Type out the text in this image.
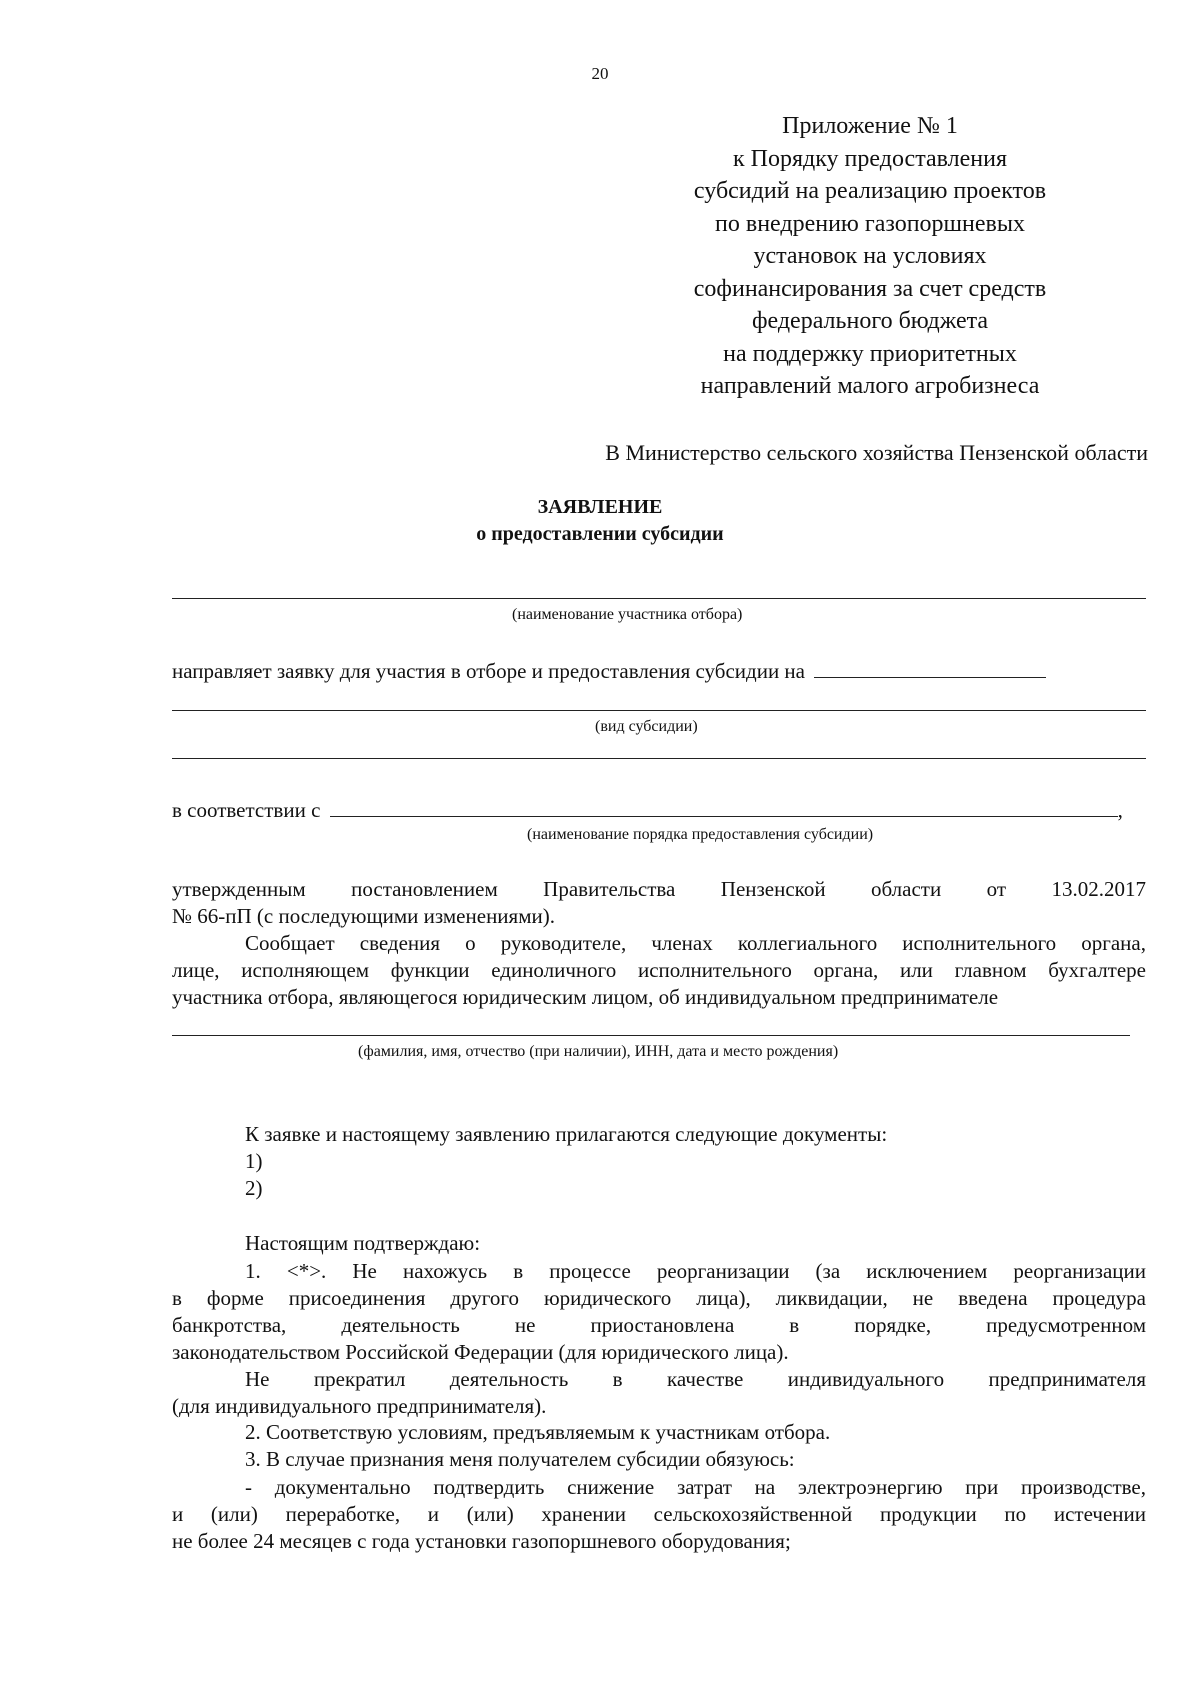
20
Приложение № 1
к Порядку предоставления
субсидий на реализацию проектов
по внедрению газопоршневых
установок на условиях
софинансирования за счет средств
федерального бюджета
на поддержку приоритетных
направлений малого агробизнеса
В Министерство сельского хозяйства Пензенской области
ЗАЯВЛЕНИЕ
о предоставлении субсидии
(наименование участника отбора)
направляет заявку для участия в отборе и предоставления субсидии на
(вид субсидии)
в соответствии с	,
(наименование порядка предоставления субсидии)
утвержденным постановлением Правительства Пензенской области от 13.02.2017
№ 66-пП (с последующими изменениями).
Сообщает сведения о руководителе, членах коллегиального исполнительного органа,
лице, исполняющем функции единоличного исполнительного органа, или главном бухгалтере
участника отбора, являющегося юридическим лицом, об индивидуальном предпринимателе
(фамилия, имя, отчество (при наличии), ИНН, дата и место рождения)
К заявке и настоящему заявлению прилагаются следующие документы:
1)
2)
Настоящим подтверждаю:
1. <*>. Не нахожусь в процессе реорганизации (за исключением реорганизации
в форме присоединения другого юридического лица), ликвидации, не введена процедура
банкротства, деятельность не приостановлена в порядке, предусмотренном
законодательством Российской Федерации (для юридического лица).
Не прекратил деятельность в качестве индивидуального предпринимателя
(для индивидуального предпринимателя).
2. Соответствую условиям, предъявляемым к участникам отбора.
3. В случае признания меня получателем субсидии обязуюсь:
- документально подтвердить снижение затрат на электроэнергию при производстве,
и (или) переработке, и (или) хранении сельскохозяйственной продукции по истечении
не более 24 месяцев с года установки газопоршневого оборудования;
